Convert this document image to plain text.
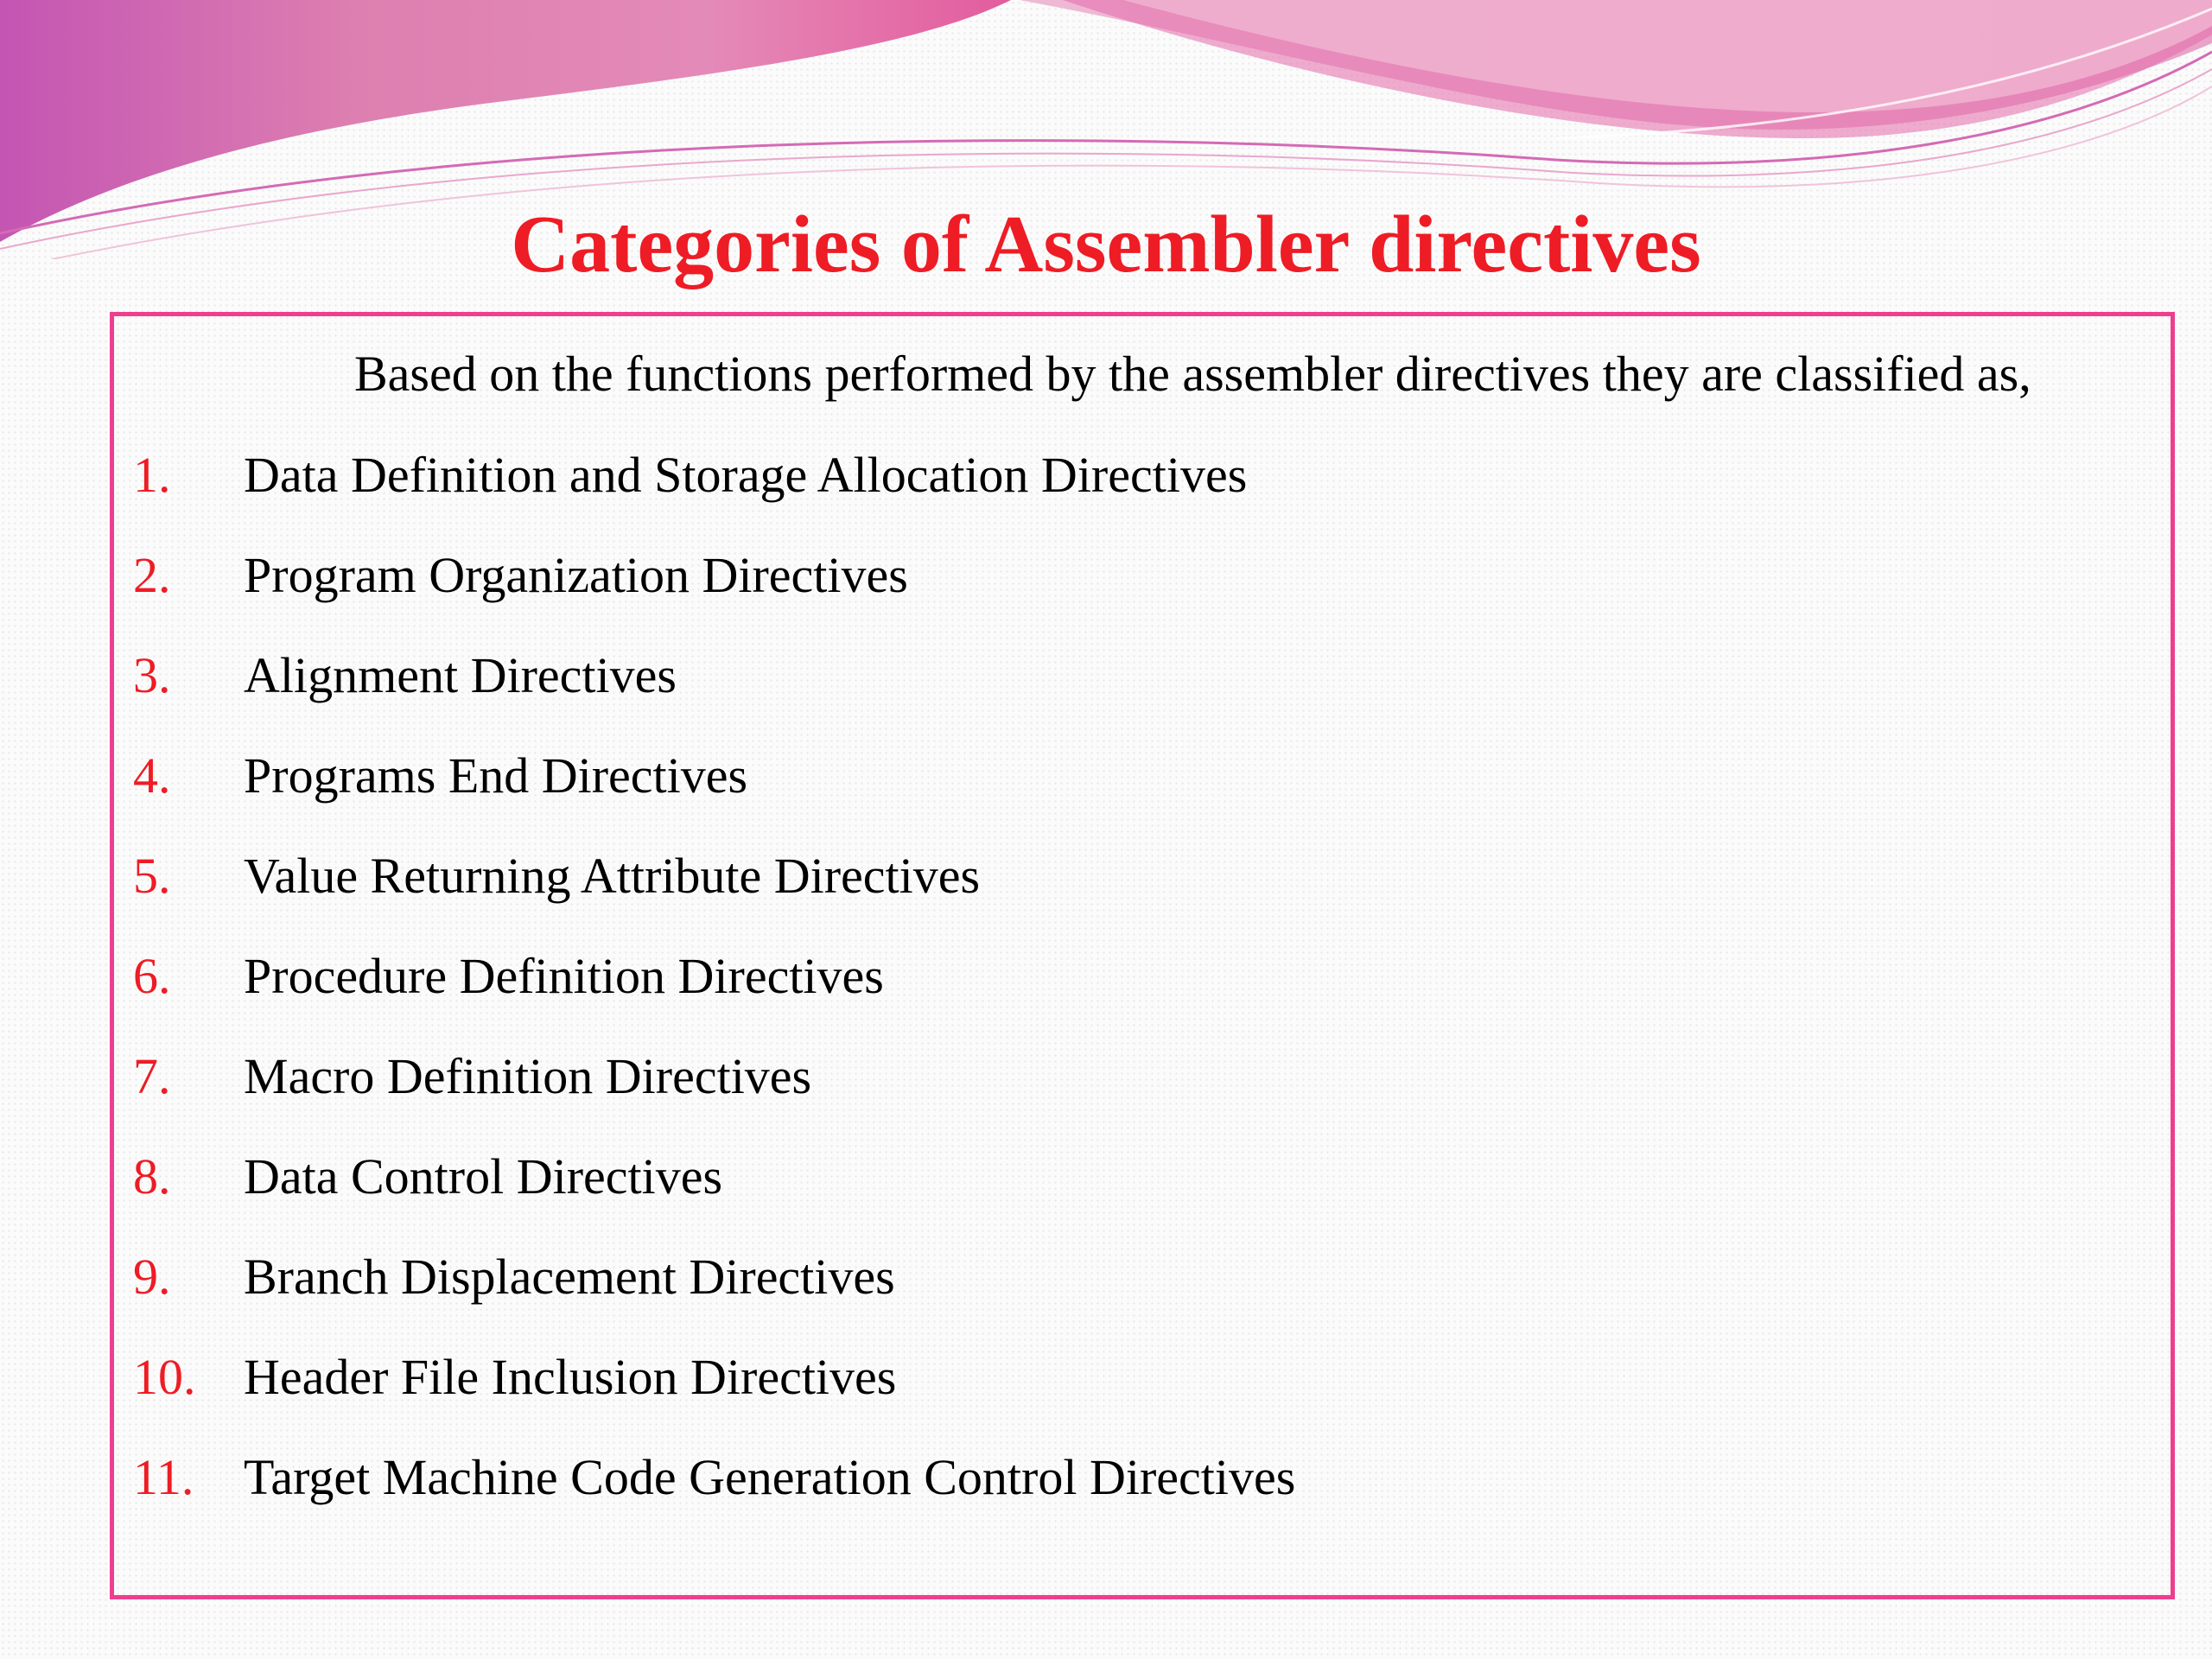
Categories of Assembler directives
Based on the functions performed by the assembler directives they are classified as,
1.	Data Definition and Storage Allocation Directives
2.	Program Organization Directives
3.	Alignment Directives
4.	Programs End Directives
5.	Value Returning Attribute Directives
6.	Procedure Definition Directives
7.	Macro Definition Directives
8.	Data Control Directives
9.	Branch Displacement Directives
10. Header File Inclusion Directives
11. Target Machine Code Generation Control Directives
